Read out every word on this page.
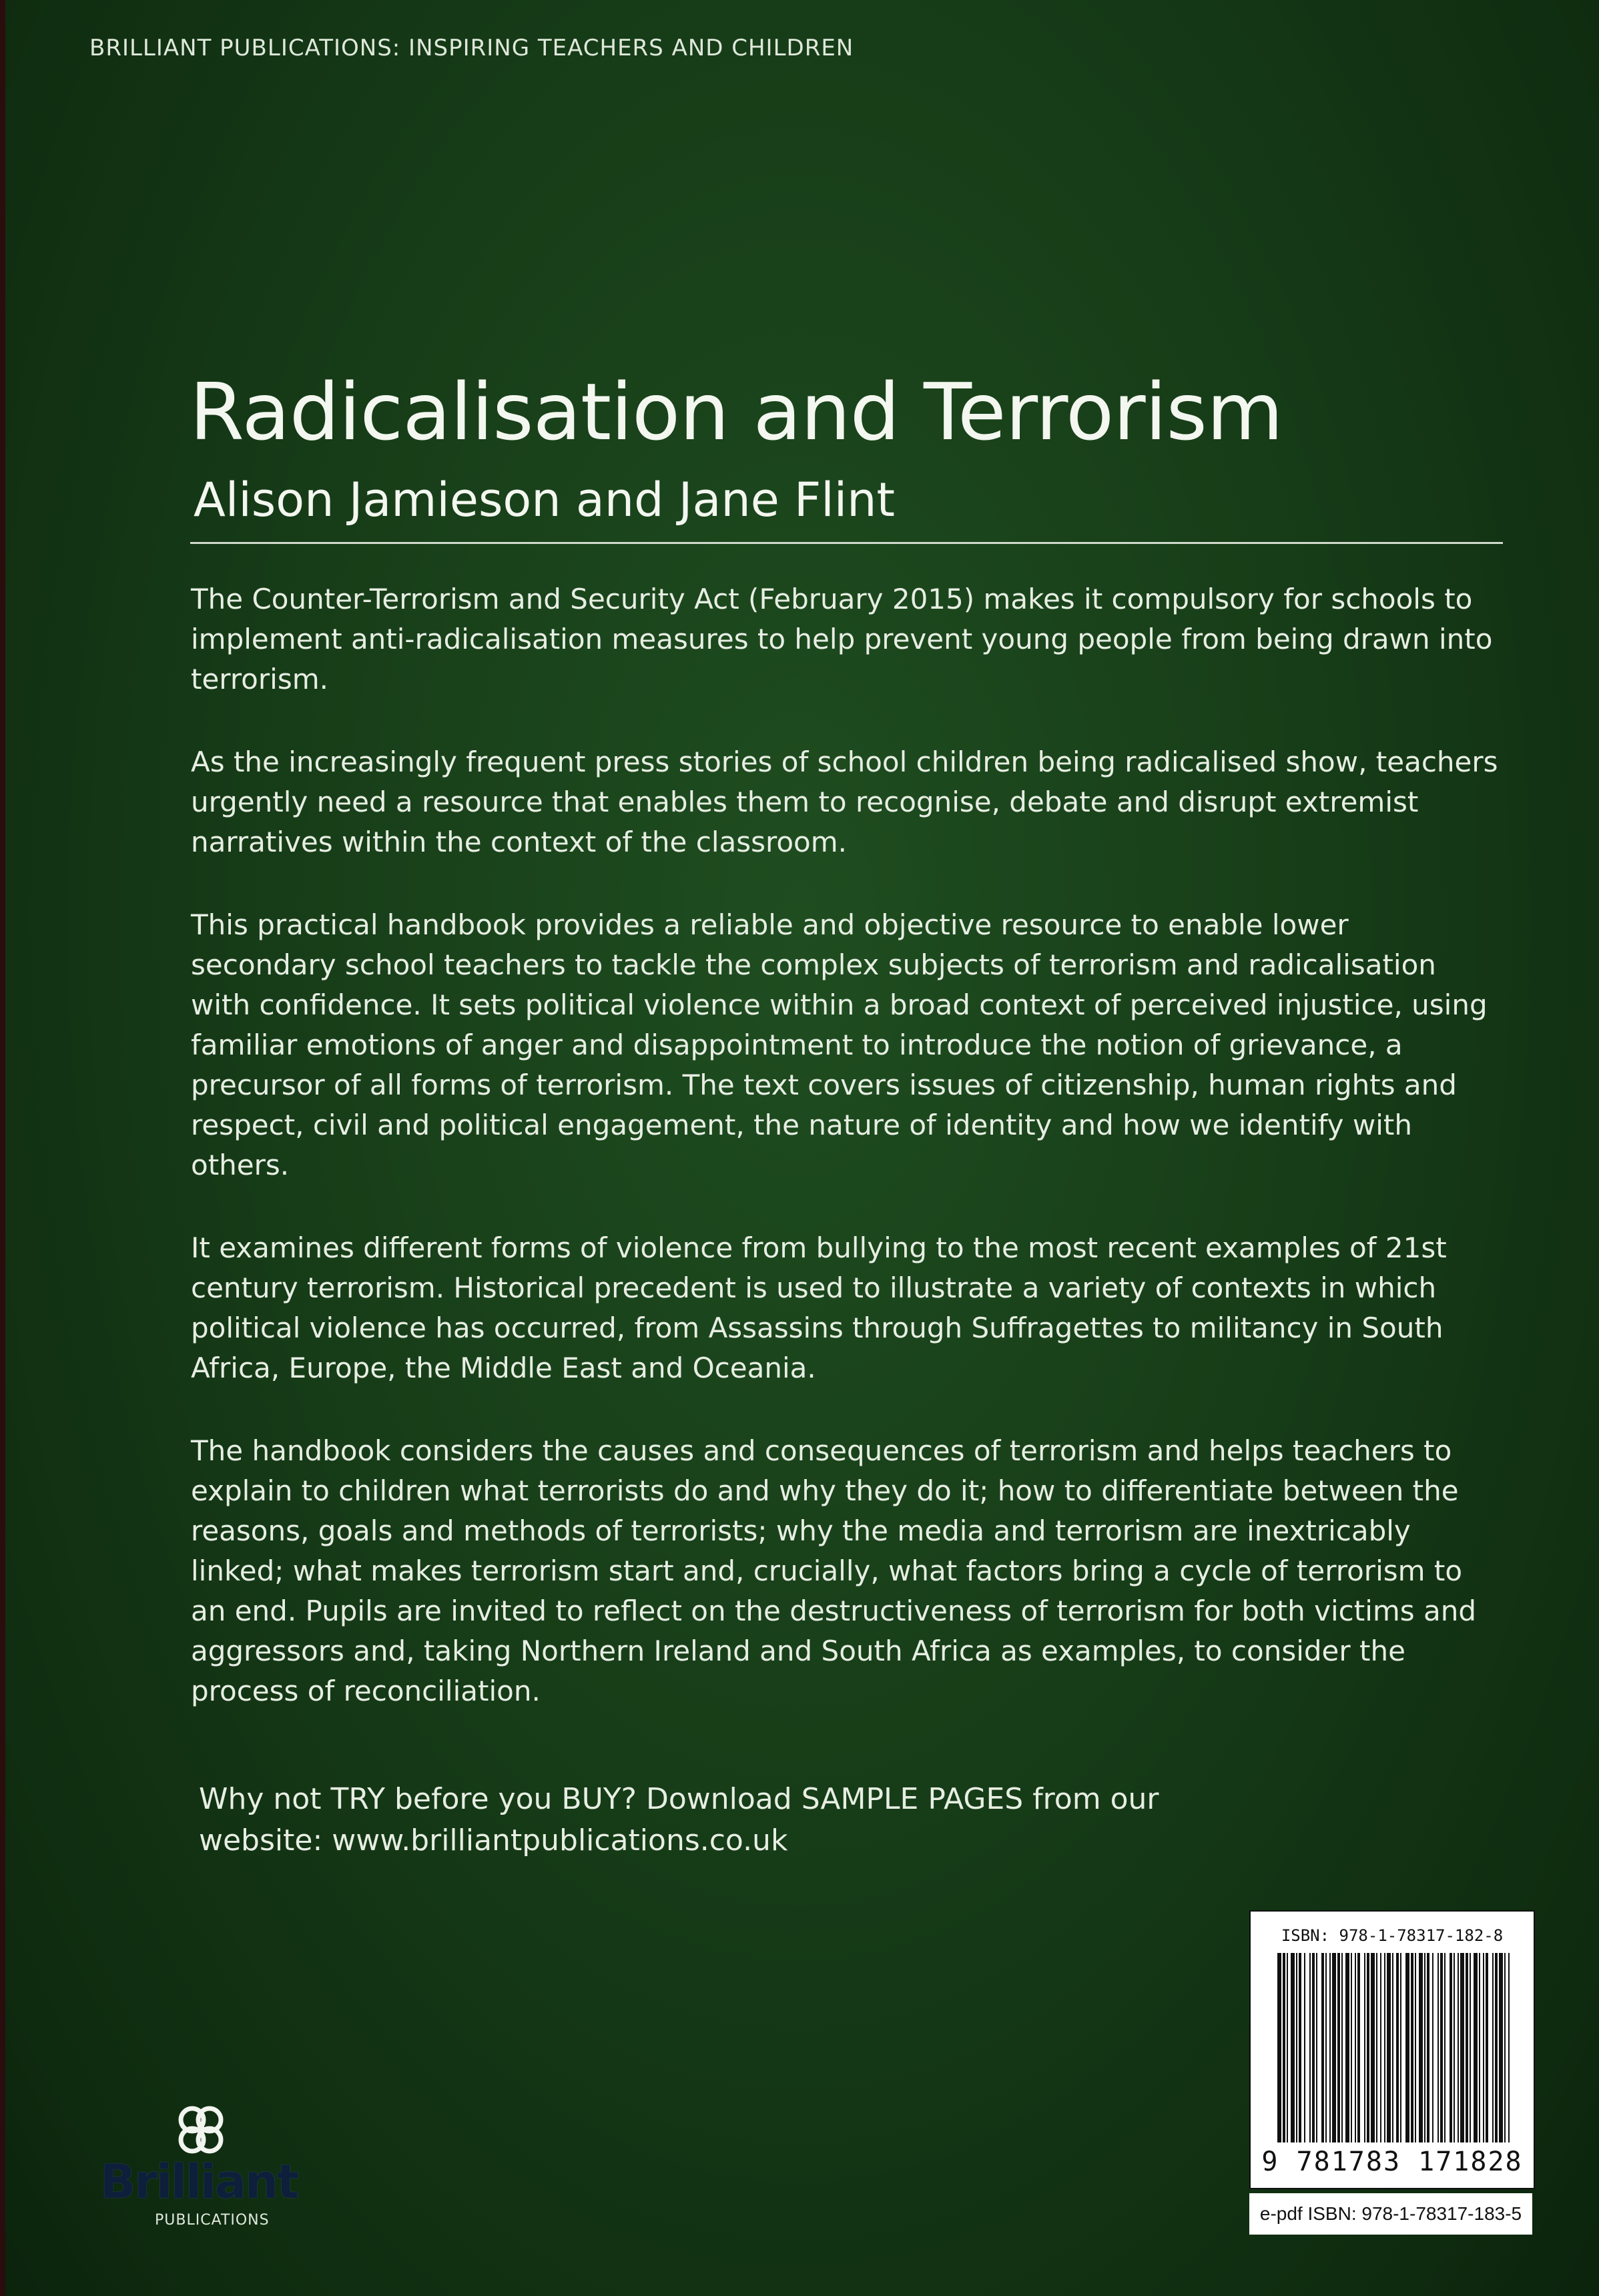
BRILLIANT PUBLICATIONS: INSPIRING TEACHERS AND CHILDREN
Radicalisation and Terrorism
Alison Jamieson and Jane Flint

The Counter-Terrorism and Security Act (February 2015) makes it compulsory for schools to implement anti-radicalisation measures to help prevent young people from being drawn into terrorism.

As the increasingly frequent press stories of school children being radicalised show, teachers urgently need a resource that enables them to recognise, debate and disrupt extremist narratives within the context of the classroom.

This practical handbook provides a reliable and objective resource to enable lower secondary school teachers to tackle the complex subjects of terrorism and radicalisation with confidence. It sets political violence within a broad context of perceived injustice, using familiar emotions of anger and disappointment to introduce the notion of grievance, a precursor of all forms of terrorism. The text covers issues of citizenship, human rights and respect, civil and political engagement, the nature of identity and how we identify with others.

It examines different forms of violence from bullying to the most recent examples of 21st century terrorism. Historical precedent is used to illustrate a variety of contexts in which political violence has occurred, from Assassins through Suffragettes to militancy in South Africa, Europe, the Middle East and Oceania.

The handbook considers the causes and consequences of terrorism and helps teachers to explain to children what terrorists do and why they do it; how to differentiate between the reasons, goals and methods of terrorists; why the media and terrorism are inextricably linked; what makes terrorism start and, crucially, what factors bring a cycle of terrorism to an end. Pupils are invited to reflect on the destructiveness of terrorism for both victims and aggressors and, taking Northern Ireland and South Africa as examples, to consider the process of reconciliation.

Why not TRY before you BUY? Download SAMPLE PAGES from our
website: www.brilliantpublications.co.uk
Brilliant
PUBLICATIONS
ISBN: 978-1-78317-182-8
9 781783 171828
e-pdf ISBN: 978-1-78317-183-5
